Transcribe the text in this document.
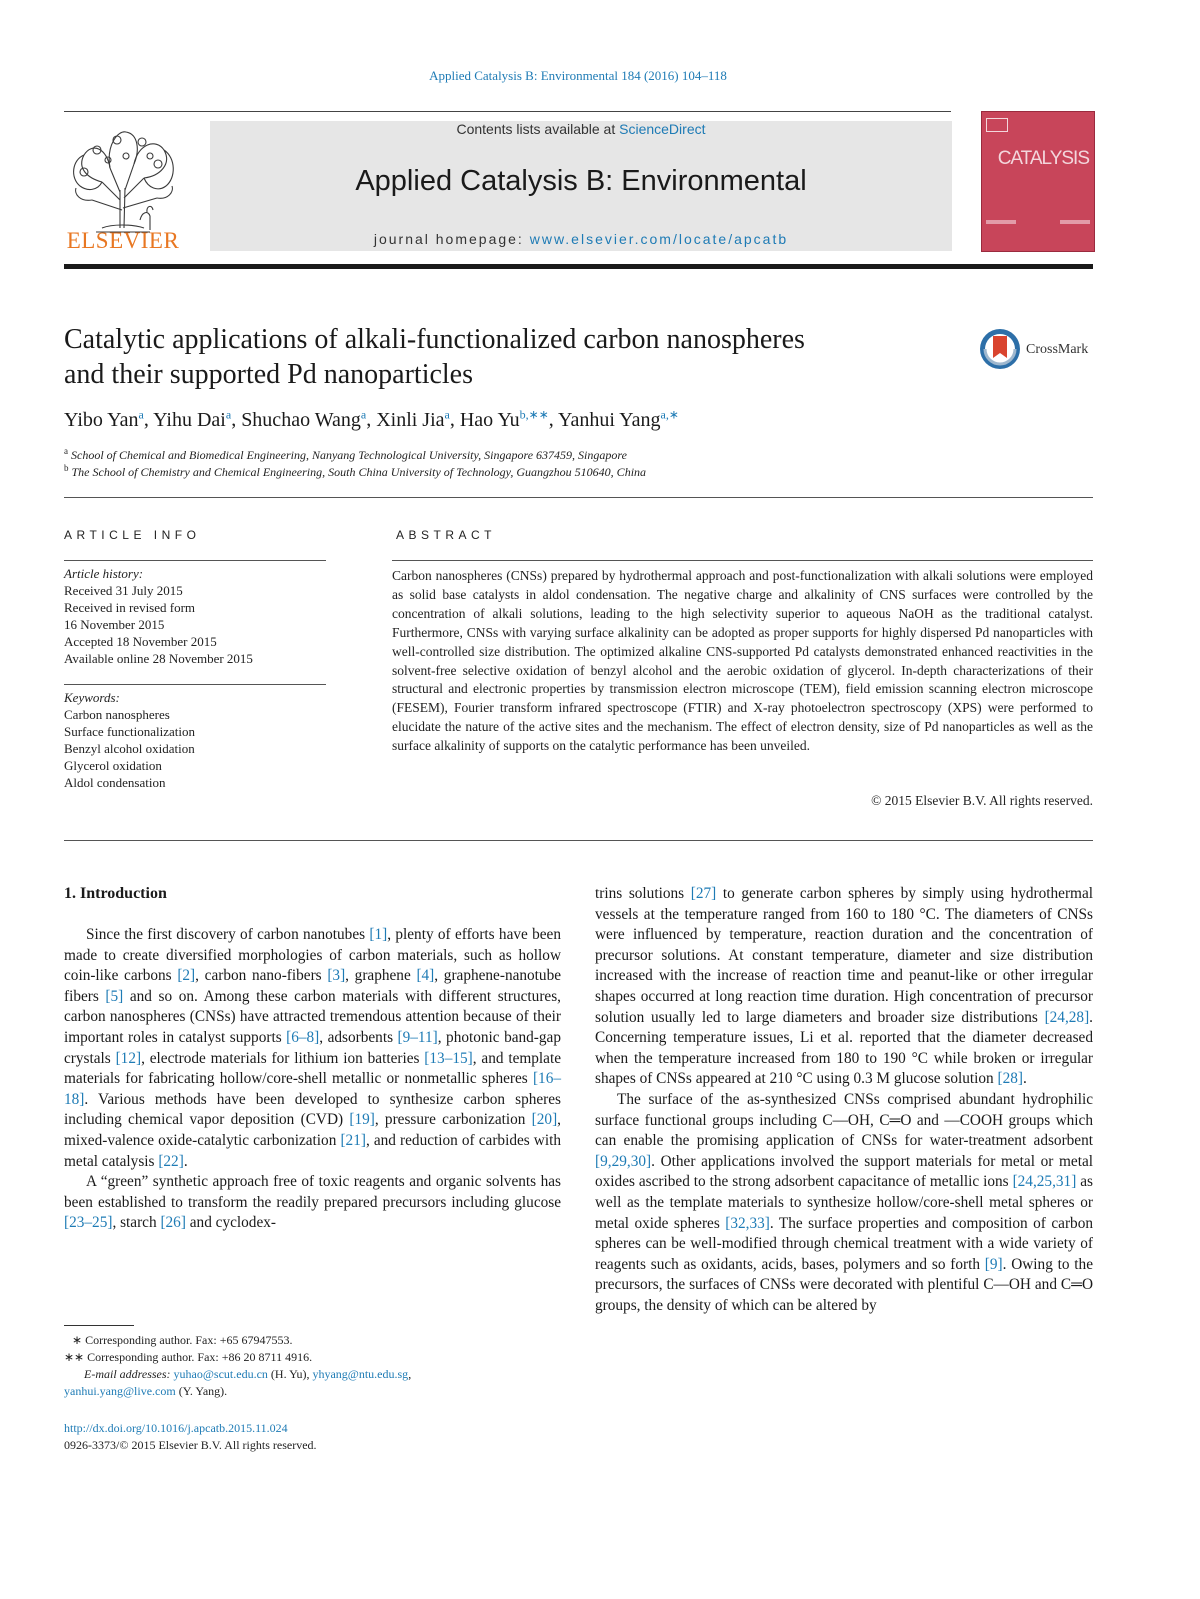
Applied Catalysis B: Environmental 184 (2016) 104–118
ELSEVIER
Contents lists available at ScienceDirect
Applied Catalysis B: Environmental
journal homepage: www.elsevier.com/locate/apcatb
CATALYSIS
Catalytic applications of alkali-functionalized carbon nanospheres
and their supported Pd nanoparticles
CrossMark
Yibo Yan$^a$, Yihu Dai$^a$, Shuchao Wang$^a$, Xinli Jia$^a$, Hao $Yu^{b,∗∗}$, Yanhui Yang$^{a,∗}$
$^a$ School of Chemical and Biomedical Engineering, Nanyang Technological University, Singapore 637459, Singapore
$^b$ The School of Chemistry and Chemical Engineering, South China University of Technology, Guangzhou 510640, China
ARTICLE INFO
Article history:
Received 31 July 2015
Received in revised form
16 November 2015
Accepted 18 November 2015
Available online 28 November 2015
Keywords:
Carbon nanospheres
Surface functionalization
Benzyl alcohol oxidation
Glycerol oxidation
Aldol condensation
ABSTRACT
Carbon nanospheres (CNSs) prepared by hydrothermal approach and post-functionalization with alkali solutions were employed as solid base catalysts in aldol condensation. The negative charge and alkalinity of CNS surfaces were controlled by the concentration of alkali solutions, leading to the high selectivity superior to aqueous NaOH as the traditional catalyst. Furthermore, CNSs with varying surface alkalinity can be adopted as proper supports for highly dispersed Pd nanoparticles with well-controlled size distribution. The optimized alkaline CNS-supported Pd catalysts demonstrated enhanced reactivities in the solvent-free selective oxidation of benzyl alcohol and the aerobic oxidation of glycerol. In-depth characterizations of their structural and electronic properties by transmission electron microscope (TEM), field emission scanning electron microscope (FESEM), Fourier transform infrared spectroscope (FTIR) and X-ray photoelectron spectroscopy (XPS) were performed to elucidate the nature of the active sites and the mechanism. The effect of electron density, size of Pd nanoparticles as well as the surface alkalinity of supports on the catalytic performance has been unveiled.
© 2015 Elsevier B.V. All rights reserved.
1. Introduction

Since the first discovery of carbon nanotubes [1], plenty of efforts have been made to create diversified morphologies of carbon materials, such as hollow coin-like carbons [2], carbon nano-fibers [3], graphene [4], graphene-nanotube fibers [5] and so on. Among these carbon materials with different structures, carbon nanospheres (CNSs) have attracted tremendous attention because of their important roles in catalyst supports [6–8], adsorbents [9–11], photonic band-gap crystals [12], electrode materials for lithium ion batteries [13–15], and template materials for fabricating hollow/core-shell metallic or nonmetallic spheres [16–18]. Various methods have been developed to synthesize carbon spheres including chemical vapor deposition (CVD) [19], pressure carbonization [20], mixed-valence oxide-catalytic carbonization [21], and reduction of carbides with metal catalysis [22].

A “green” synthetic approach free of toxic reagents and organic solvents has been established to transform the readily prepared precursors including glucose [23–25], starch [26] and cyclodex-

trins solutions [27] to generate carbon spheres by simply using hydrothermal vessels at the temperature ranged from 160 to 180 °C. The diameters of CNSs were influenced by temperature, reaction duration and the concentration of precursor solutions. At constant temperature, diameter and size distribution increased with the increase of reaction time and peanut-like or other irregular shapes occurred at long reaction time duration. High concentration of precursor solution usually led to large diameters and broader size distributions [24,28]. Concerning temperature issues, Li et al. reported that the diameter decreased when the temperature increased from 180 to 190 °C while broken or irregular shapes of CNSs appeared at 210 °C using 0.3 M glucose solution [28].

The surface of the as-synthesized CNSs comprised abundant hydrophilic surface functional groups including C—OH, C═O and —COOH groups which can enable the promising application of CNSs for water-treatment adsorbent [9,29,30]. Other applications involved the support materials for metal or metal oxides ascribed to the strong adsorbent capacitance of metallic ions [24,25,31] as well as the template materials to synthesize hollow/core-shell metal spheres or metal oxide spheres [32,33]. The surface properties and composition of carbon spheres can be well-modified through chemical treatment with a wide variety of reagents such as oxidants, acids, bases, polymers and so forth [9]. Owing to the precursors, the surfaces of CNSs were decorated with plentiful C—OH and C═O groups, the density of which can be altered by

∗ Corresponding author. Fax: +65 67947553.
∗∗ Corresponding author. Fax: +86 20 8711 4916.
E-mail addresses: yuhao@scut.edu.cn (H. Yu), yhyang@ntu.edu.sg,
yanhui.yang@live.com (Y. Yang).
http://dx.doi.org/10.1016/j.apcatb.2015.11.024
0926-3373/© 2015 Elsevier B.V. All rights reserved.
